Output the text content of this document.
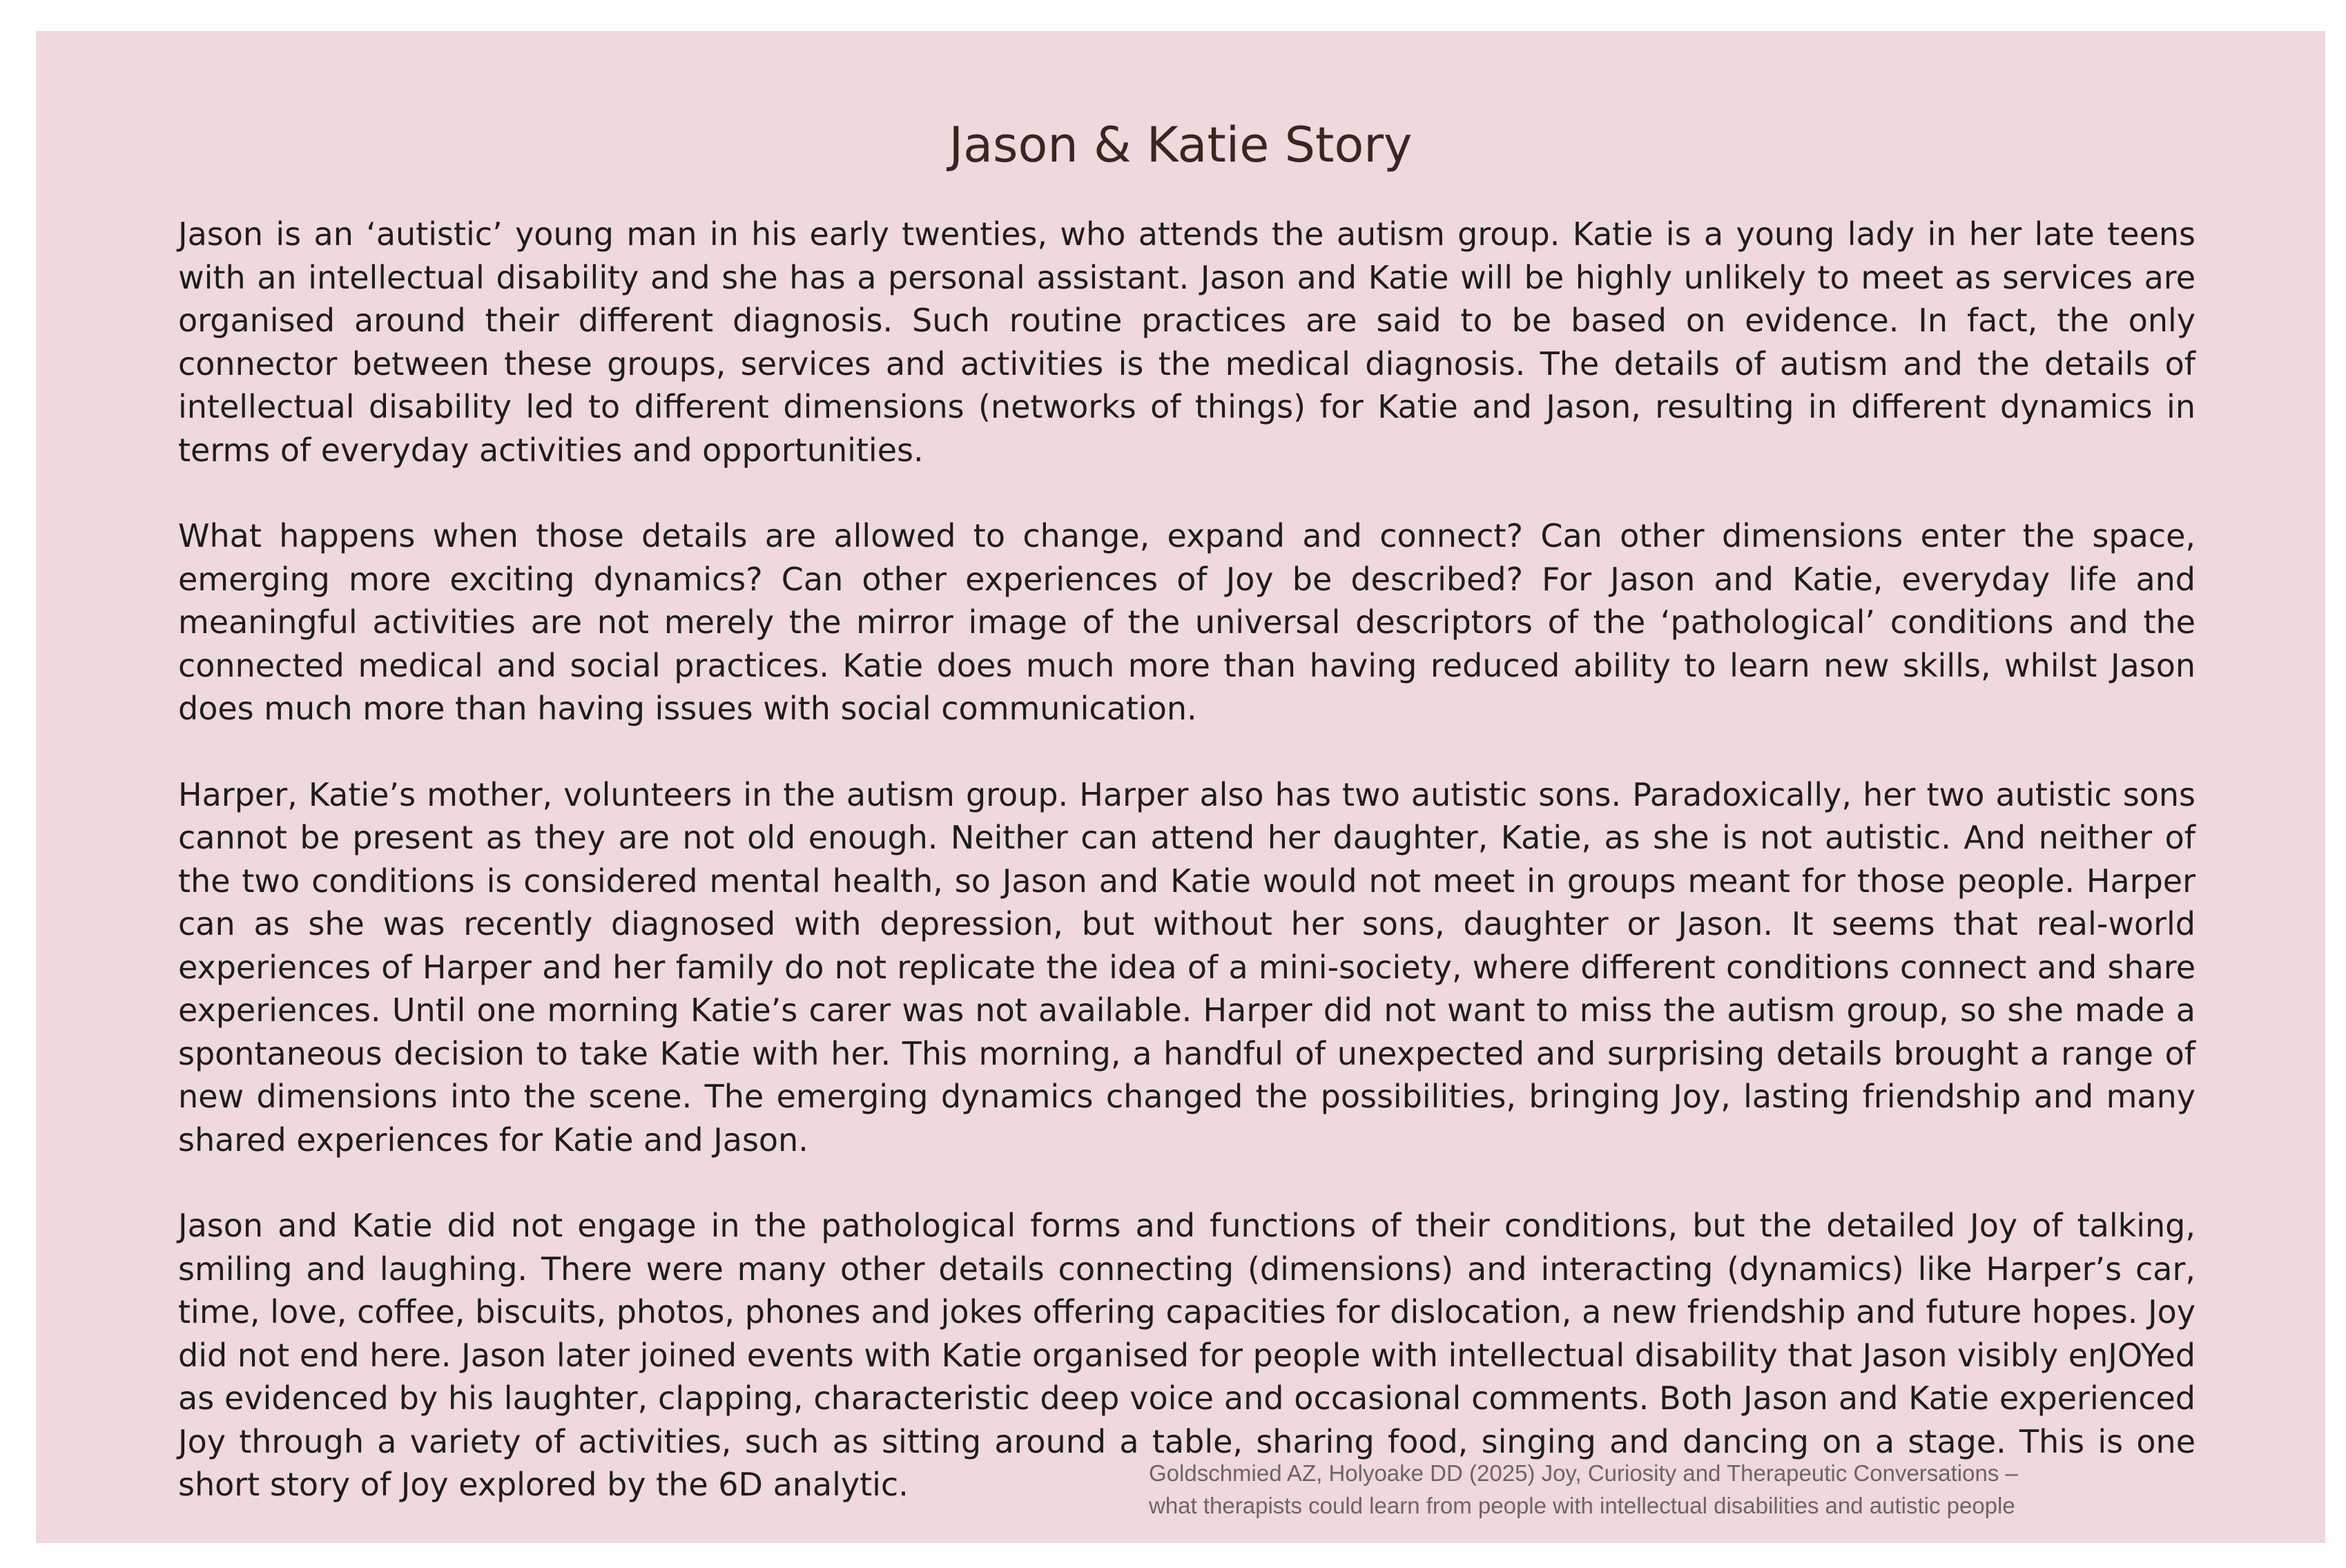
Jason & Katie Story

Jason is an ‘autistic’ young man in his early twenties, who attends the autism group. Katie is a young lady in her late teens with an intellectual disability and she has a personal assistant. Jason and Katie will be highly unlikely to meet as services are organised around their different diagnosis. Such routine practices are said to be based on evidence. In fact, the only connector between these groups, services and activities is the medical diagnosis. The details of autism and the details of intellectual disability led to different dimensions (networks of things) for Katie and Jason, resulting in different dynamics in terms of everyday activities and opportunities.

What happens when those details are allowed to change, expand and connect? Can other dimensions enter the space, emerging more exciting dynamics? Can other experiences of Joy be described? For Jason and Katie, everyday life and meaningful activities are not merely the mirror image of the universal descriptors of the ‘pathological’ conditions and the connected medical and social practices. Katie does much more than having reduced ability to learn new skills, whilst Jason does much more than having issues with social communication.

Harper, Katie’s mother, volunteers in the autism group. Harper also has two autistic sons. Paradoxically, her two autistic sons cannot be present as they are not old enough. Neither can attend her daughter, Katie, as she is not autistic. And neither of the two conditions is considered mental health, so Jason and Katie would not meet in groups meant for those people. Harper can as she was recently diagnosed with depression, but without her sons, daughter or Jason. It seems that real-world experiences of Harper and her family do not replicate the idea of a mini-society, where different conditions connect and share experiences. Until one morning Katie’s carer was not available. Harper did not want to miss the autism group, so she made a spontaneous decision to take Katie with her. This morning, a handful of unexpected and surprising details brought a range of new dimensions into the scene. The emerging dynamics changed the possibilities, bringing Joy, lasting friendship and many shared experiences for Katie and Jason.

Jason and Katie did not engage in the pathological forms and functions of their conditions, but the detailed Joy of talking, smiling and laughing. There were many other details connecting (dimensions) and interacting (dynamics) like Harper’s car, time, love, coffee, biscuits, photos, phones and jokes offering capacities for dislocation, a new friendship and future hopes. Joy did not end here. Jason later joined events with Katie organised for people with intellectual disability that Jason visibly enJOYed as evidenced by his laughter, clapping, characteristic deep voice and occasional comments. Both Jason and Katie experienced Joy through a variety of activities, such as sitting around a table, sharing food, singing and dancing on a stage. This is one short story of Joy explored by the 6D analytic.	Goldschmied AZ, Holyoake DD (2025) Joy, Curiosity and Therapeutic Conversations –
what therapists could learn from people with intellectual disabilities and autistic people
